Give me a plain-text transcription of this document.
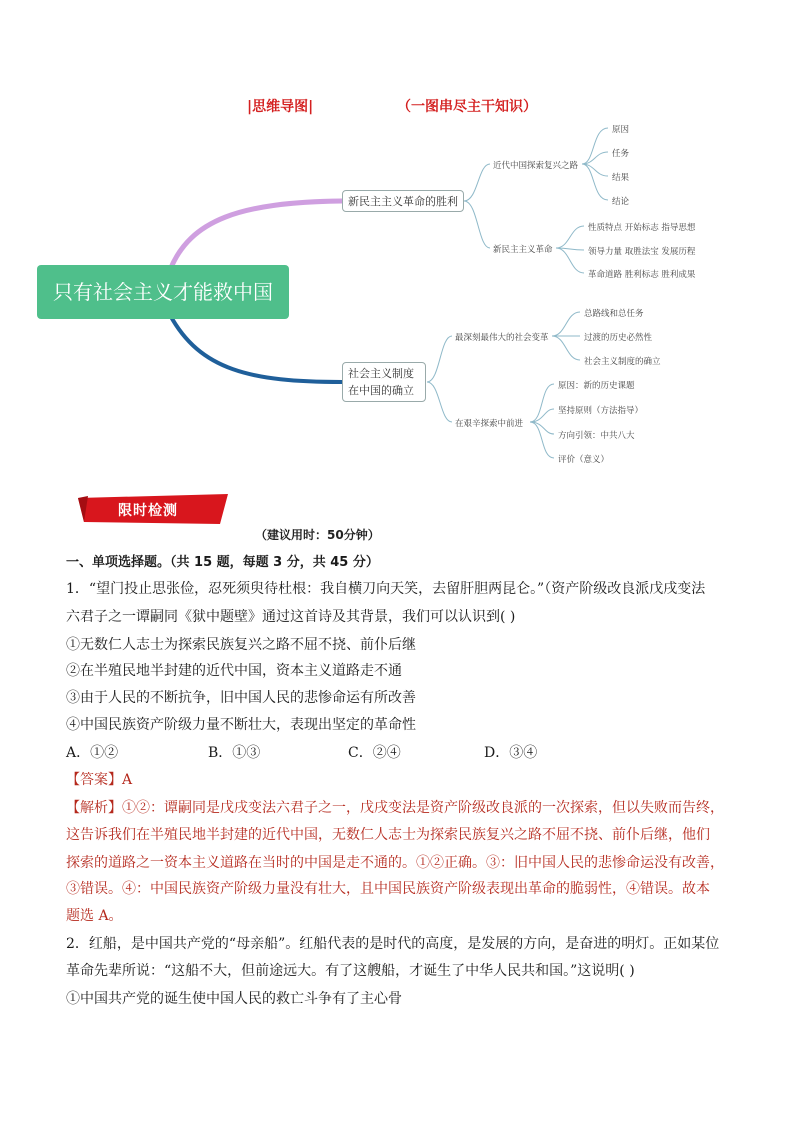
|思维导图|	（一图串尽主干知识）
只有社会主义才能救中国
新民主主义革命的胜利
近代中国探索复兴之路
原因
任务
结果
结论
新民主主义革命
性质特点 开始标志 指导思想
领导力量 取胜法宝 发展历程
革命道路 胜利标志 胜利成果
社会主义制度
在中国的确立
最深刻最伟大的社会变革
总路线和总任务
过渡的历史必然性
社会主义制度的确立
在艰辛探索中前进
原因：新的历史课题
坚持原则（方法指导）
方向引领：中共八大
评价（意义）
限时检测
（建议用时：50分钟）
一、单项选择题。（共 15 题，每题 3 分，共 45 分）
1．“望门投止思张俭，忍死须臾待杜根：我自横刀向天笑，去留肝胆两昆仑。”（资产阶级改良派戊戌变法
六君子之一谭嗣同《狱中题壁》通过这首诗及其背景，我们可以认识到( )
①无数仁人志士为探索民族复兴之路不屈不挠、前仆后继
②在半殖民地半封建的近代中国，资本主义道路走不通
③由于人民的不断抗争，旧中国人民的悲惨命运有所改善
④中国民族资产阶级力量不断壮大，表现出坚定的革命性
A．①②	B．①③	C．②④	D．③④
【答案】A
【解析】①②：谭嗣同是戊戌变法六君子之一，戊戌变法是资产阶级改良派的一次探索，但以失败而告终，
这告诉我们在半殖民地半封建的近代中国，无数仁人志士为探索民族复兴之路不屈不挠、前仆后继，他们
探索的道路之一资本主义道路在当时的中国是走不通的。①②正确。③：旧中国人民的悲惨命运没有改善，
③错误。④：中国民族资产阶级力量没有壮大，且中国民族资产阶级表现出革命的脆弱性，④错误。故本
题选 A。
2．红船，是中国共产党的“母亲船”。红船代表的是时代的高度，是发展的方向，是奋进的明灯。正如某位
革命先辈所说：“这船不大，但前途远大。有了这艘船，才诞生了中华人民共和国。”这说明( )
①中国共产党的诞生使中国人民的救亡斗争有了主心骨
